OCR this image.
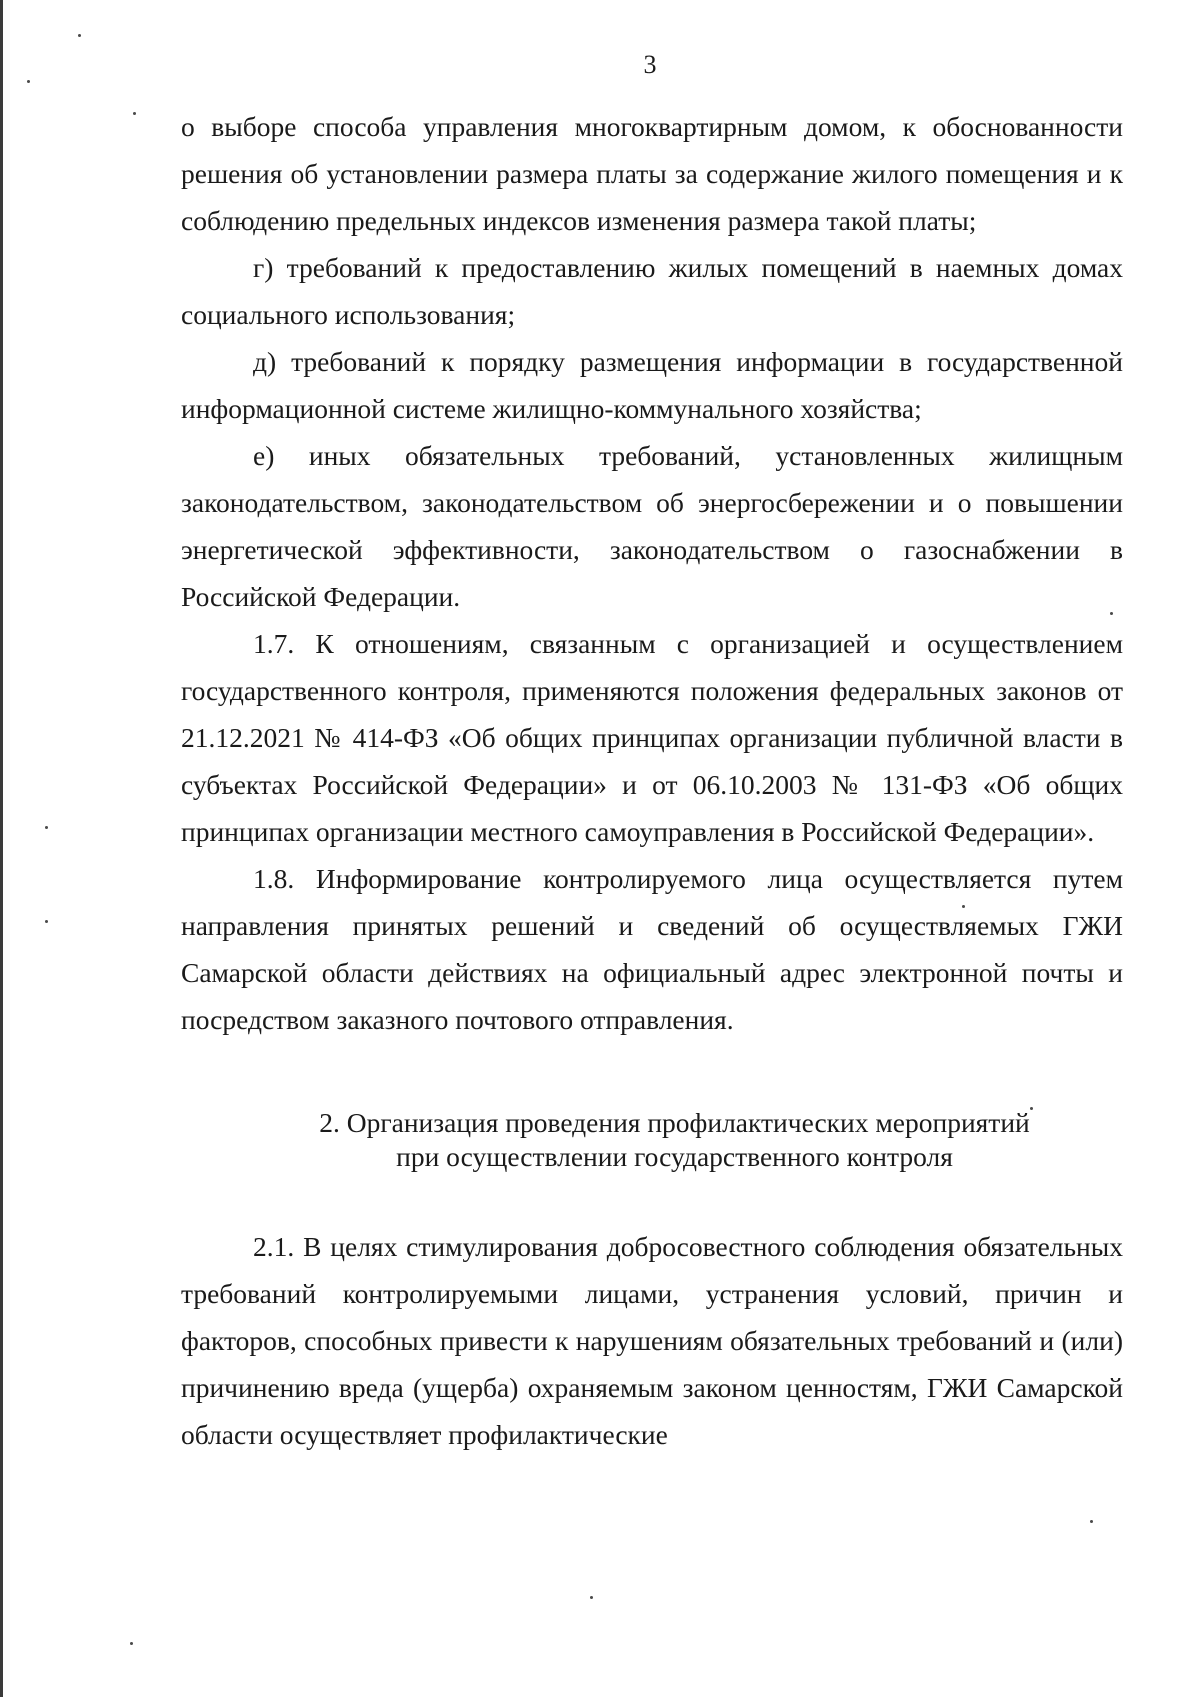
3

о выборе способа управления многоквартирным домом, к обоснованности решения об установлении размера платы за содержание жилого помещения и к соблюдению предельных индексов изменения размера такой платы;

г) требований к предоставлению жилых помещений в наемных домах социального использования;

д) требований к порядку размещения информации в государственной информационной системе жилищно-коммунального хозяйства;

е) иных обязательных требований, установленных жилищным законодательством, законодательством об энергосбережении и о повышении энергетической эффективности, законодательством о газоснабжении в Российской Федерации.

1.7. К отношениям, связанным с организацией и осуществлением государственного контроля, применяются положения федеральных законов от 21.12.2021 № 414-ФЗ «Об общих принципах организации публичной власти в субъектах Российской Федерации» и от 06.10.2003 № 131-ФЗ «Об общих принципах организации местного самоуправления в Российской Федерации».

1.8. Информирование контролируемого лица осуществляется путем направления принятых решений и сведений об осуществляемых ГЖИ Самарской области действиях на официальный адрес электронной почты и посредством заказного почтового отправления.

2. Организация проведения профилактических мероприятий
при осуществлении государственного контроля

2.1. В целях стимулирования добросовестного соблюдения обязательных требований контролируемыми лицами, устранения условий, причин и факторов, способных привести к нарушениям обязательных требований и (или) причинению вреда (ущерба) охраняемым законом ценностям, ГЖИ Самарской области осуществляет профилактические
